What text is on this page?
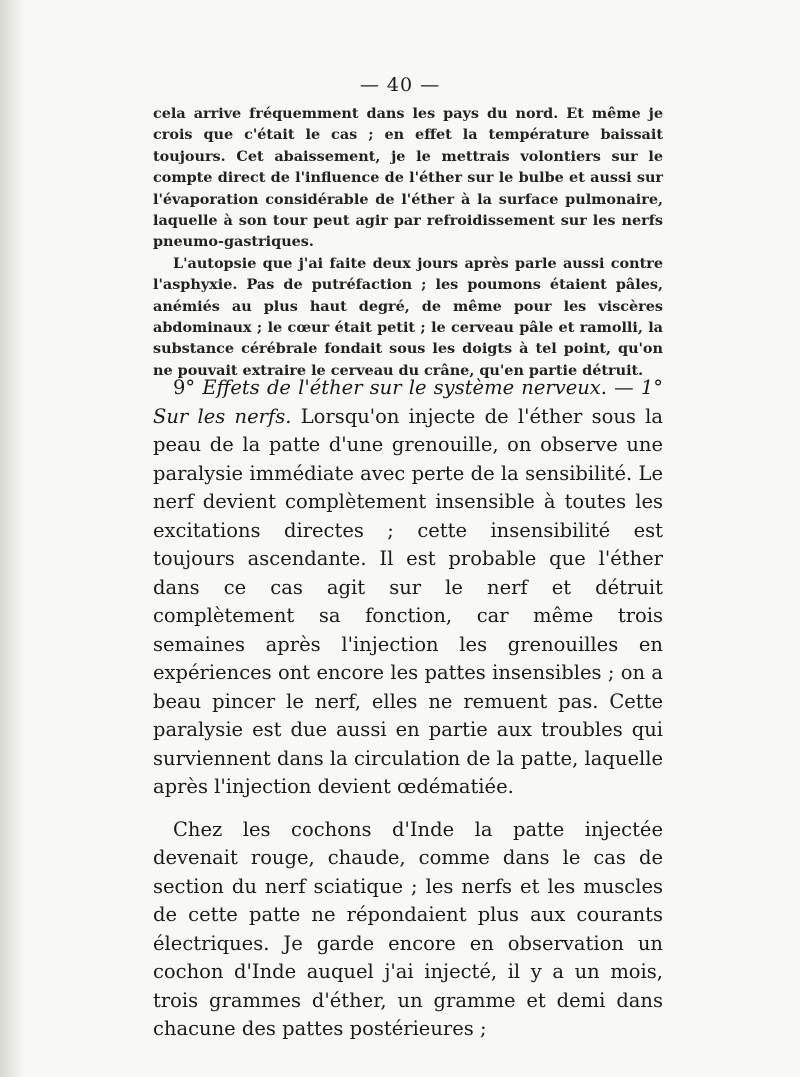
— 40 —

cela arrive fréquemment dans les pays du nord. Et même je crois que c'était le cas ; en effet la température baissait toujours. Cet abaissement, je le mettrais volontiers sur le compte direct de l'influence de l'éther sur le bulbe et aussi sur l'évaporation considérable de l'éther à la surface pulmonaire, laquelle à son tour peut agir par refroidissement sur les nerfs pneumo-gastriques.

L'autopsie que j'ai faite deux jours après parle aussi contre l'asphyxie. Pas de putréfaction ; les poumons étaient pâles, anémiés au plus haut degré, de même pour les viscères abdominaux ; le cœur était petit ; le cerveau pâle et ramolli, la substance cérébrale fondait sous les doigts à tel point, qu'on ne pouvait extraire le cerveau du crâne, qu'en partie détruit.

9° Effets de l'éther sur le système nerveux. — 1° Sur les nerfs. Lorsqu'on injecte de l'éther sous la peau de la patte d'une grenouille, on observe une paralysie immédiate avec perte de la sensibilité. Le nerf devient complètement insensible à toutes les excitations directes ; cette insensibilité est toujours ascendante. Il est probable que l'éther dans ce cas agit sur le nerf et détruit complètement sa fonction, car même trois semaines après l'injection les grenouilles en expériences ont encore les pattes insensibles ; on a beau pincer le nerf, elles ne remuent pas. Cette paralysie est due aussi en partie aux troubles qui surviennent dans la circulation de la patte, laquelle après l'injection devient œdématiée.

Chez les cochons d'Inde la patte injectée devenait rouge, chaude, comme dans le cas de section du nerf sciatique ; les nerfs et les muscles de cette patte ne répondaient plus aux courants électriques. Je garde encore en observation un cochon d'Inde auquel j'ai injecté, il y a un mois, trois grammes d'éther, un gramme et demi dans chacune des pattes postérieures ;
